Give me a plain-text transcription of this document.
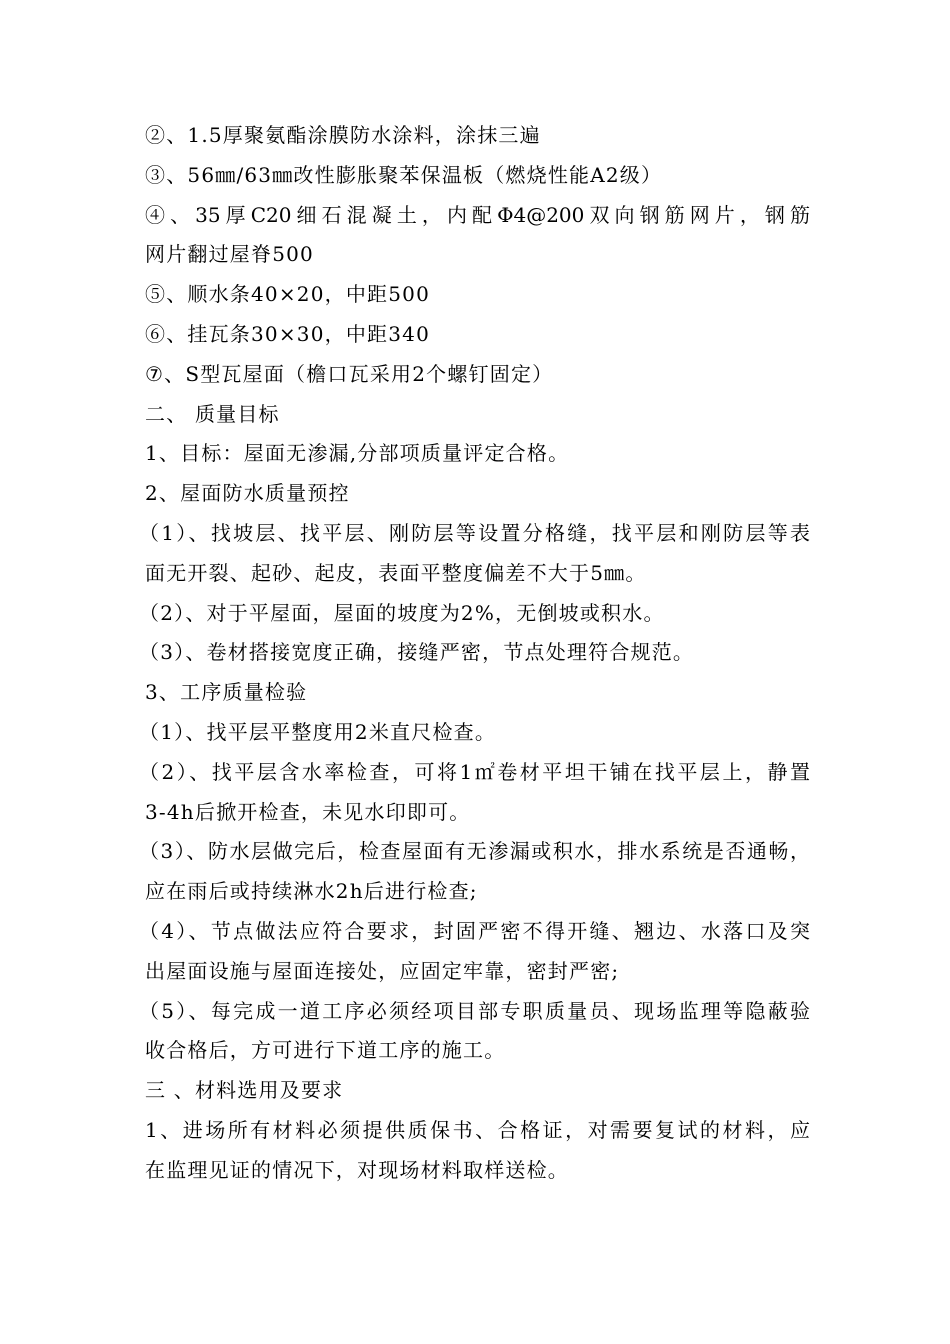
②、1.5厚聚氨酯涂膜防水涂料，涂抹三遍
③、56㎜/63㎜改性膨胀聚苯保温板（燃烧性能A2级）
④、35厚C20细石混凝土，内配Φ4@200双向钢筋网片，钢筋
网片翻过屋脊500
⑤、顺水条40×20，中距500
⑥、挂瓦条30×30，中距340
⑦、S型瓦屋面（檐口瓦采用2个螺钉固定）
二、 质量目标
1、目标：屋面无渗漏,分部项质量评定合格。
2、屋面防水质量预控
（1）、找坡层、找平层、刚防层等设置分格缝，找平层和刚防层等表
面无开裂、起砂、起皮，表面平整度偏差不大于5㎜。
（2）、对于平屋面，屋面的坡度为2%，无倒坡或积水。
（3）、卷材搭接宽度正确，接缝严密，节点处理符合规范。
3、工序质量检验
（1）、找平层平整度用2米直尺检查。
（2）、找平层含水率检查，可将1㎡卷材平坦干铺在找平层上，静置
3-4h后掀开检查，未见水印即可。
（3）、防水层做完后，检查屋面有无渗漏或积水，排水系统是否通畅，
应在雨后或持续淋水2h后进行检查;
（4）、节点做法应符合要求，封固严密不得开缝、翘边、水落口及突
出屋面设施与屋面连接处，应固定牢靠，密封严密;
（5）、每完成一道工序必须经项目部专职质量员、现场监理等隐蔽验
收合格后，方可进行下道工序的施工。
三 、材料选用及要求
1、进场所有材料必须提供质保书、合格证，对需要复试的材料，应
在监理见证的情况下，对现场材料取样送检。
